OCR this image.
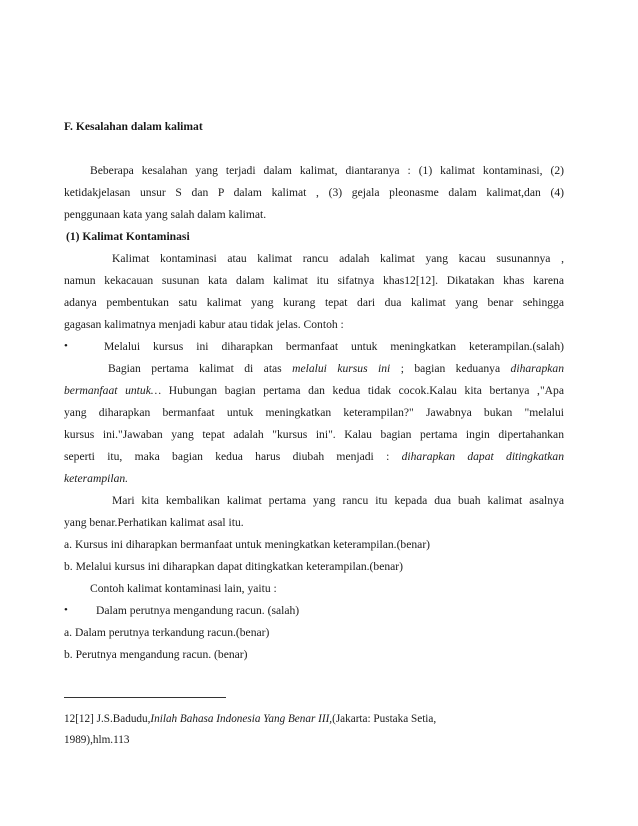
F. Kesalahan dalam kalimat
Beberapa kesalahan yang terjadi dalam kalimat, diantaranya : (1) kalimat kontaminasi, (2)
ketidakjelasan unsur S dan P dalam kalimat , (3) gejala pleonasme dalam kalimat,dan (4)
penggunaan kata yang salah dalam kalimat.
(1) Kalimat Kontaminasi
Kalimat kontaminasi atau kalimat rancu adalah kalimat yang kacau susunannya ,
namun kekacauan susunan kata dalam kalimat itu sifatnya khas12[12]. Dikatakan khas karena
adanya pembentukan satu kalimat yang kurang tepat dari dua kalimat yang benar sehingga
gagasan kalimatnya menjadi kabur atau tidak jelas. Contoh :
•	Melalui kursus ini diharapkan bermanfaat untuk meningkatkan keterampilan.(salah)
Bagian pertama kalimat di atas melalui kursus ini ; bagian keduanya diharapkan
bermanfaat untuk… Hubungan bagian pertama dan kedua tidak cocok.Kalau kita bertanya ,"Apa
yang diharapkan bermanfaat untuk meningkatkan keterampilan?" Jawabnya bukan "melalui
kursus ini."Jawaban yang tepat adalah "kursus ini". Kalau bagian pertama ingin dipertahankan
seperti itu, maka bagian kedua harus diubah menjadi : diharapkan dapat ditingkatkan
keterampilan.
Mari kita kembalikan kalimat pertama yang rancu itu kepada dua buah kalimat asalnya
yang benar.Perhatikan kalimat asal itu.
a. Kursus ini diharapkan bermanfaat untuk meningkatkan keterampilan.(benar)
b. Melalui kursus ini diharapkan dapat ditingkatkan keterampilan.(benar)
Contoh kalimat kontaminasi lain, yaitu :
• Dalam perutnya mengandung racun. (salah)
a. Dalam perutnya terkandung racun.(benar)
b. Perutnya mengandung racun. (benar)
12[12] J.S.Badudu,Inilah Bahasa Indonesia Yang Benar III,(Jakarta: Pustaka Setia,
1989),hlm.113
